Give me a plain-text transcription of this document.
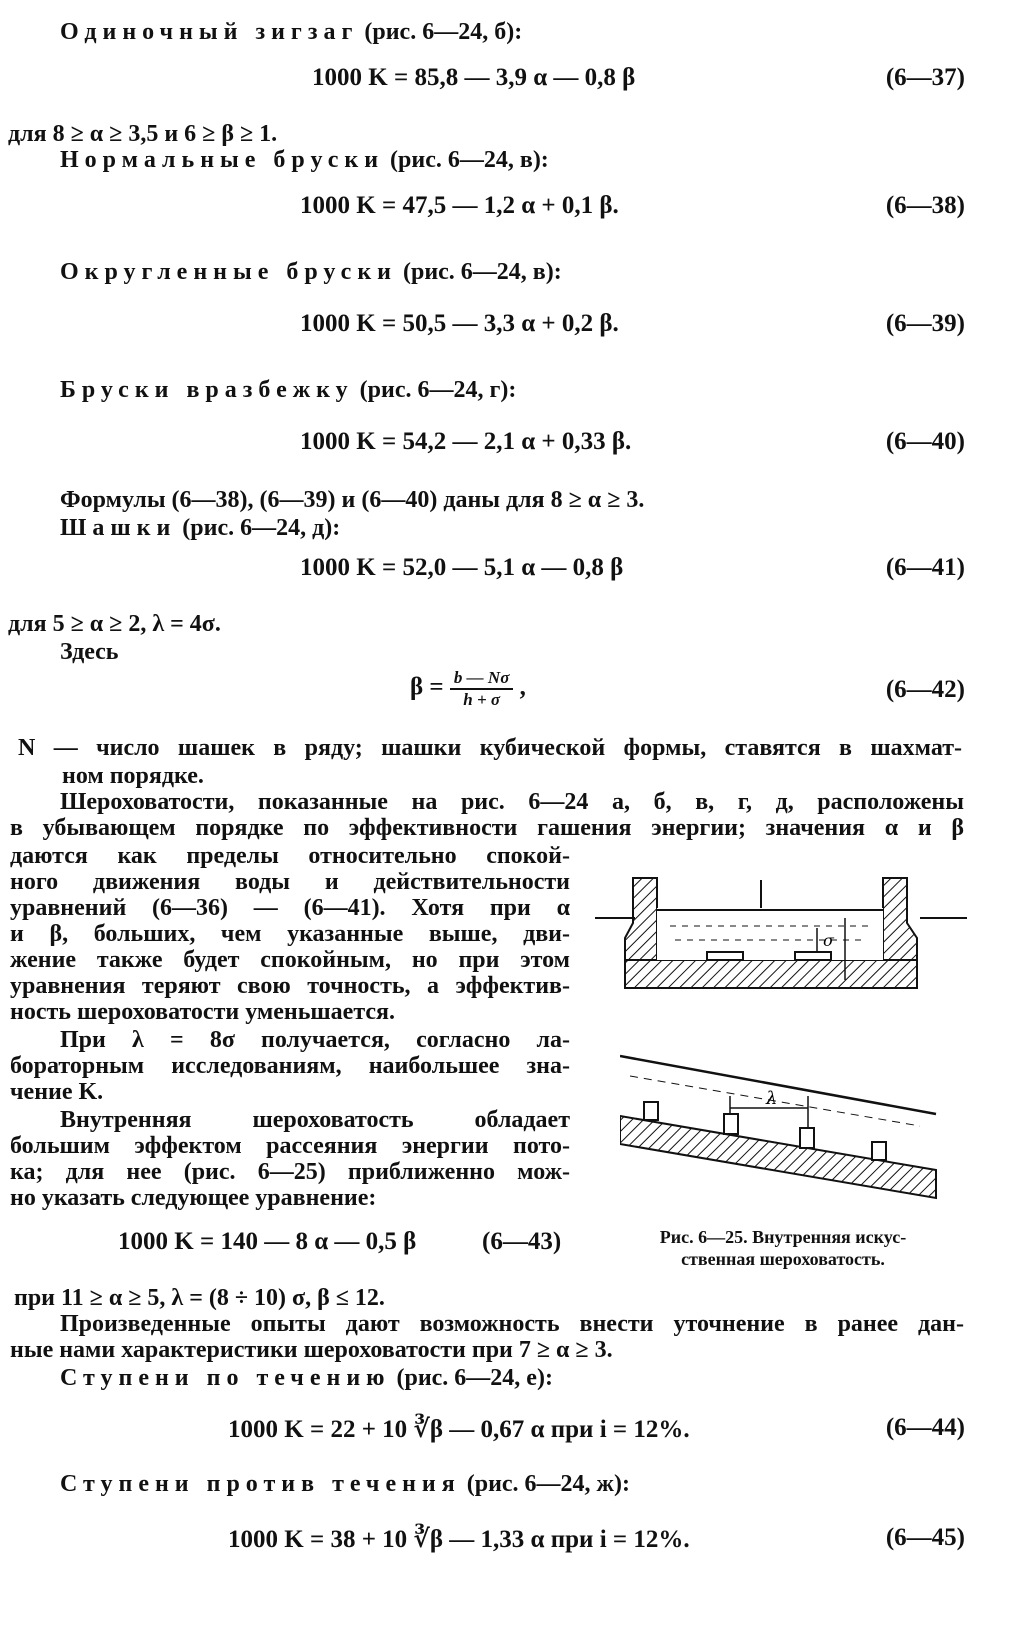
Одиночный зигзаг (рис. 6—24, б):
1000 K = 85,8 — 3,9 α — 0,8 β	(6—37)
для 8 ≥ α ≥ 3,5 и 6 ≥ β ≥ 1.
Нормальные бруски (рис. 6—24, в):
1000 K = 47,5 — 1,2 α + 0,1 β.	(6—38)
Округленные бруски (рис. 6—24, в):
1000 K = 50,5 — 3,3 α + 0,2 β.	(6—39)
Бруски вразбежку (рис. 6—24, г):
1000 K = 54,2 — 2,1 α + 0,33 β.	(6—40)
Формулы (6—38), (6—39) и (6—40) даны для 8 ≥ α ≥ 3.
Шашки (рис. 6—24, д):
1000 K = 52,0 — 5,1 α — 0,8 β	(6—41)
для 5 ≥ α ≥ 2, λ = 4σ.
Здесь
$\beta = \frac{b — N\sigma}{h + \sigma}$ ,	(6—42)
N — число шашек в ряду; шашки кубической формы, ставятся в шахмат-
ном порядке.
Шероховатости, показанные на рис. 6—24 а, б, в, г, д, расположены
в убывающем порядке по эффективности гашения энергии; значения α и β
даются как пределы относительно спокой-
ного движения воды и действительности
уравнений (6—36) — (6—41). Хотя при α
и β, больших, чем указанные выше, дви-
жение также будет спокойным, но при этом
уравнения теряют свою точность, а эффектив-
ность шероховатости уменьшается.
При λ = 8σ получается, согласно ла-
бораторным исследованиям, наибольшее зна-
чение K.
Внутренняя шероховатость обладает
большим эффектом рассеяния энергии пото-
ка; для нее (рис. 6—25) приближенно мож-
но указать следующее уравнение:
1000 K = 140 — 8 α — 0,5 β	(6—43)
σ
λ
Рис. 6—25. Внутренняя искус-
ственная шероховатость.
при 11 ≥ α ≥ 5, λ = (8 ÷ 10) σ, β ≤ 12.
Произведенные опыты дают возможность внести уточнение в ранее дан-
ные нами характеристики шероховатости при 7 ≥ α ≥ 3.
Ступени по течению (рис. 6—24, е):
1000 K = 22 + 10 ∛β — 0,67 α при i = 12%.	(6—44)
Ступени против течения (рис. 6—24, ж):
1000 K = 38 + 10 ∛β — 1,33 α при i = 12%.	(6—45)
